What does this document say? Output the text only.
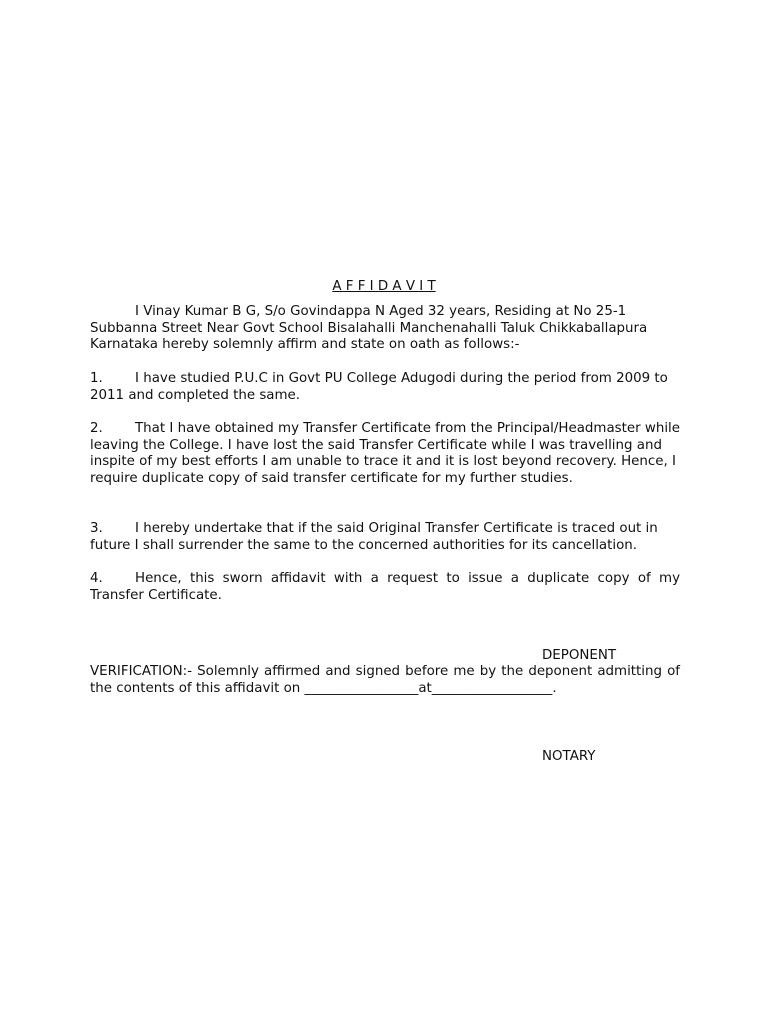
A F F I D A V I T

I Vinay Kumar B G, S/o Govindappa N Aged 32 years, Residing at No 25-1 Subbanna Street Near Govt School Bisalahalli Manchenahalli Taluk Chikkaballapura Karnataka hereby solemnly affirm and state on oath as follows:-

1. I have studied P.U.C in Govt PU College Adugodi during the period from 2009 to 2011 and completed the same.

2. That I have obtained my Transfer Certificate from the Principal/Headmaster while leaving the College. I have lost the said Transfer Certificate while I was travelling and inspite of my best efforts I am unable to trace it and it is lost beyond recovery. Hence, I require duplicate copy of said transfer certificate for my further studies.

3. I hereby undertake that if the said Original Transfer Certificate is traced out in future I shall surrender the same to the concerned authorities for its cancellation.

4. Hence, this sworn affidavit with a request to issue a duplicate copy of my Transfer Certificate.

DEPONENT

VERIFICATION:- Solemnly affirmed and signed before me by the deponent admitting of the contents of this affidavit on _________________at__________________.

NOTARY
